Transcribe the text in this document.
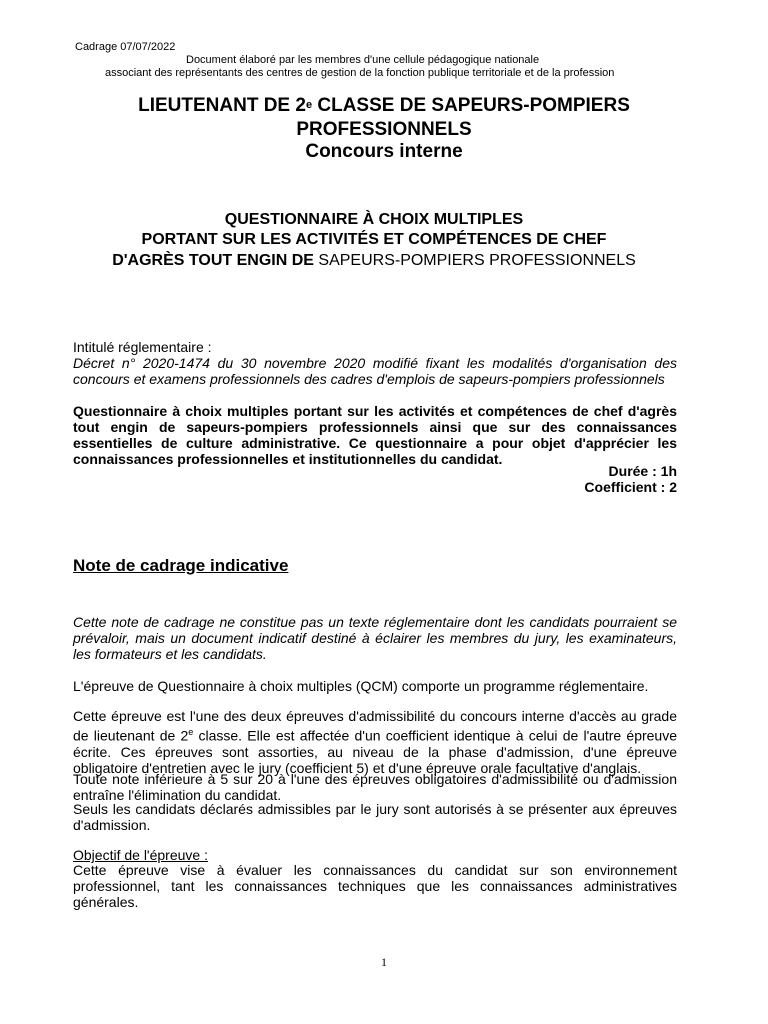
Cadrage 07/07/2022
Document élaboré par les membres d'une cellule pédagogique nationale
associant des représentants des centres de gestion de la fonction publique territoriale et de la profession
LIEUTENANT DE 2e CLASSE DE SAPEURS-POMPIERS
PROFESSIONNELS
Concours interne
QUESTIONNAIRE À CHOIX MULTIPLES
PORTANT SUR LES ACTIVITÉS ET COMPÉTENCES DE CHEF
D'AGRÈS TOUT ENGIN DE SAPEURS-POMPIERS PROFESSIONNELS
Intitulé réglementaire :
Décret n° 2020-1474 du 30 novembre 2020 modifié fixant les modalités d'organisation des concours et examens professionnels des cadres d'emplois de sapeurs-pompiers professionnels
Questionnaire à choix multiples portant sur les activités et compétences de chef d'agrès tout engin de sapeurs-pompiers professionnels ainsi que sur des connaissances essentielles de culture administrative. Ce questionnaire a pour objet d'apprécier les connaissances professionnelles et institutionnelles du candidat.
Durée : 1h
Coefficient : 2
Note de cadrage indicative
Cette note de cadrage ne constitue pas un texte réglementaire dont les candidats pourraient se prévaloir, mais un document indicatif destiné à éclairer les membres du jury, les examinateurs, les formateurs et les candidats.
L'épreuve de Questionnaire à choix multiples (QCM) comporte un programme réglementaire.
Cette épreuve est l'une des deux épreuves d'admissibilité du concours interne d'accès au grade de lieutenant de 2e classe. Elle est affectée d'un coefficient identique à celui de l'autre épreuve écrite. Ces épreuves sont assorties, au niveau de la phase d'admission, d'une épreuve obligatoire d'entretien avec le jury (coefficient 5) et d'une épreuve orale facultative d'anglais.
Toute note inférieure à 5 sur 20 à l'une des épreuves obligatoires d'admissibilité ou d'admission entraîne l'élimination du candidat.
Seuls les candidats déclarés admissibles par le jury sont autorisés à se présenter aux épreuves d'admission.
Objectif de l'épreuve :
Cette épreuve vise à évaluer les connaissances du candidat sur son environnement professionnel, tant les connaissances techniques que les connaissances administratives générales.
1
